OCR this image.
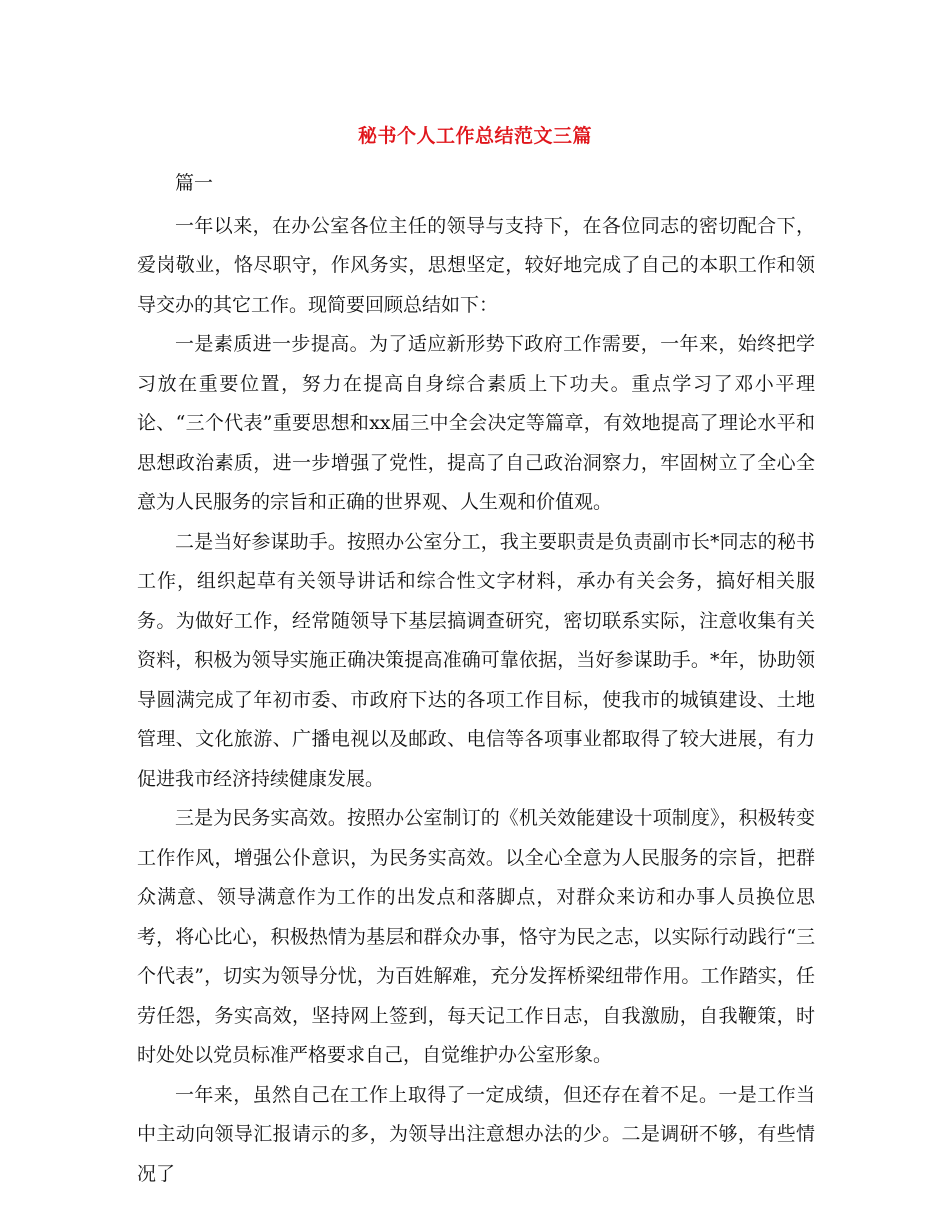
秘书个人工作总结范文三篇

篇一

一年以来，在办公室各位主任的领导与支持下，在各位同志的密切配合下，爱岗敬业，恪尽职守，作风务实，思想坚定，较好地完成了自己的本职工作和领导交办的其它工作。现简要回顾总结如下：

一是素质进一步提高。为了适应新形势下政府工作需要，一年来，始终把学习放在重要位置，努力在提高自身综合素质上下功夫。重点学习了邓小平理论、“三个代表”重要思想和xx届三中全会决定等篇章，有效地提高了理论水平和思想政治素质，进一步增强了党性，提高了自己政治洞察力，牢固树立了全心全意为人民服务的宗旨和正确的世界观、人生观和价值观。

二是当好参谋助手。按照办公室分工，我主要职责是负责副市长*同志的秘书工作，组织起草有关领导讲话和综合性文字材料，承办有关会务，搞好相关服务。为做好工作，经常随领导下基层搞调查研究，密切联系实际，注意收集有关资料，积极为领导实施正确决策提高准确可靠依据，当好参谋助手。*年，协助领导圆满完成了年初市委、市政府下达的各项工作目标，使我市的城镇建设、土地管理、文化旅游、广播电视以及邮政、电信等各项事业都取得了较大进展，有力促进我市经济持续健康发展。

三是为民务实高效。按照办公室制订的《机关效能建设十项制度》，积极转变工作作风，增强公仆意识，为民务实高效。以全心全意为人民服务的宗旨，把群众满意、领导满意作为工作的出发点和落脚点，对群众来访和办事人员换位思考，将心比心，积极热情为基层和群众办事，恪守为民之志，以实际行动践行“三个代表”，切实为领导分忧，为百姓解难，充分发挥桥梁纽带作用。工作踏实，任劳任怨，务实高效，坚持网上签到，每天记工作日志，自我激励，自我鞭策，时时处处以党员标准严格要求自己，自觉维护办公室形象。

一年来，虽然自己在工作上取得了一定成绩，但还存在着不足。一是工作当中主动向领导汇报请示的多，为领导出注意想办法的少。二是调研不够，有些情况了
